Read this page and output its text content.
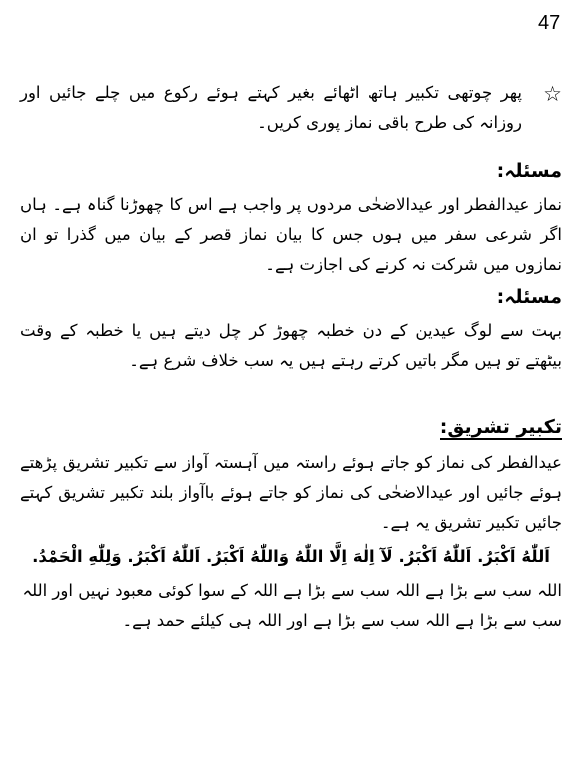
47

☆
پھر چوتھی تکبیر ہاتھ اٹھائے بغیر کہتے ہوئے رکوع میں چلے جائیں اور روزانہ کی طرح باقی نماز پوری کریں۔

مسئلہ:

نماز عیدالفطر اور عیدالاضحٰی مردوں پر واجب ہے اس کا چھوڑنا گناہ ہے۔ ہاں اگر شرعی سفر میں ہوں جس کا بیان نماز قصر کے بیان میں گذرا تو ان نمازوں میں شرکت نہ کرنے کی اجازت ہے۔

مسئلہ:

بہت سے لوگ عیدین کے دن خطبہ چھوڑ کر چل دیتے ہیں یا خطبہ کے وقت بیٹھتے تو ہیں مگر باتیں کرتے رہتے ہیں یہ سب خلاف شرع ہے۔

تکبیر تشریق:

عیدالفطر کی نماز کو جاتے ہوئے راستہ میں آہستہ آواز سے تکبیر تشریق پڑھتے ہوئے جائیں اور عیدالاضحٰی کی نماز کو جاتے ہوئے باآواز بلند تکبیر تشریق کہتے جائیں تکبیر تشریق یہ ہے۔

اَللّٰهُ اَكْبَرُ. اَللّٰهُ اَكْبَرُ. لَآ اِلٰهَ اِلَّا اللّٰهُ وَاللّٰهُ اَكْبَرُ. اَللّٰهُ اَكْبَرُ. وَلِلّٰهِ الْحَمْدُ.

اللہ سب سے بڑا ہے اللہ سب سے بڑا ہے اللہ کے سوا کوئی معبود نہیں اور اللہ سب سے بڑا ہے اللہ سب سے بڑا ہے اور اللہ ہی کیلئے حمد ہے۔
